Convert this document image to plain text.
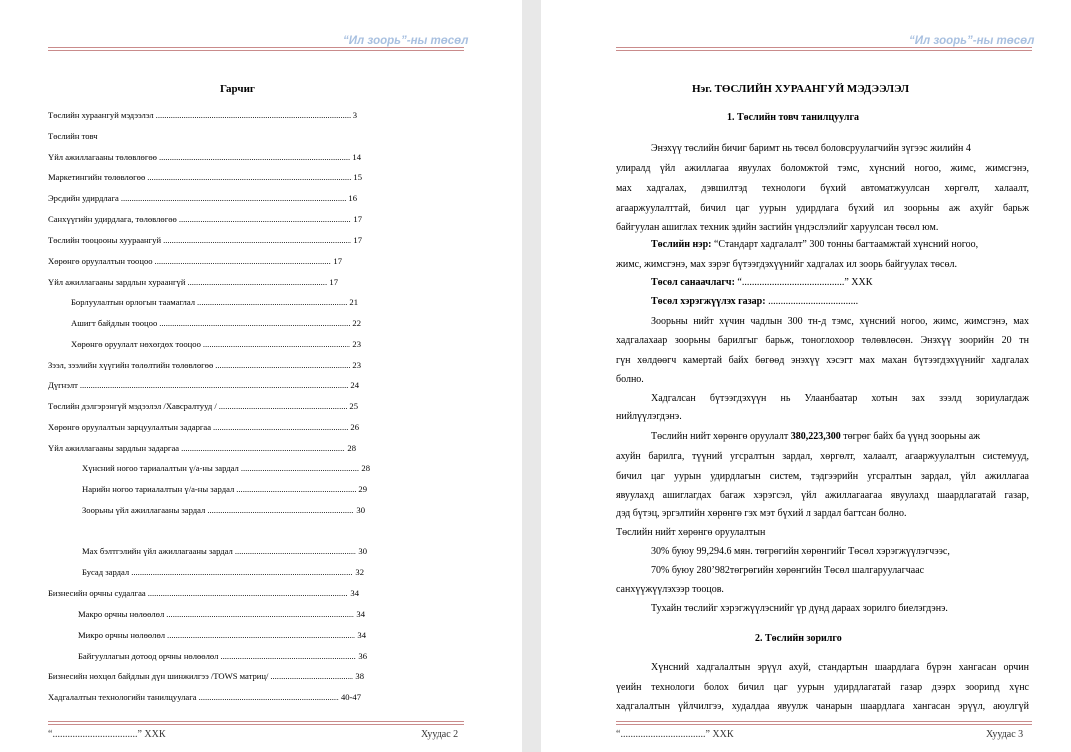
“Ил зоорь”-ны төсөл
Гарчиг
Төслийн хураангуй мэдээлэл .....	3
Төслийн товч
Үйл ажиллагааны төлөвлөгөө .....	14
Маркетингийн төлөвлөгөө .....	15
Эрсдийн удирдлага .....	16
Санхүүгийн удирдлага, төлөвлөгөө .....	17
Төслийн тооцооны хуураангуй .....	17
Хөрөнгө оруулалтын тооцоо .....	17
Үйл ажиллагааны зардлын хураангүй .....	17
Борлуулалтын орлогын таамаглал .....	21
Ашигт байдлын тооцоо .....	22
Хөрөнгө оруулалт нөхөгдөх тооцоо .....	23
Зээл, зээлийн хүүгийн төлөлтийн төлөвлөгөө .....	23
Дүгнэлт .....	24
Төслийн дэлгэрэнгүй мэдээлэл /Хавсралтууд / .....	25
Хөрөнгө оруулалтын зарцуулалтын задаргаа .....	26
Үйл ажиллагааны зардлын задаргаа .....	28
Хүнсний ногоо тариалалтын ү/а-ны зардал .....	28
Нарийн ногоо тариалалтын ү/а-ны зардал .....	29
Зоорьны үйл ажиллагааны зардал .....	30
Мах бэлтгэлийн үйл ажиллагааны зардал .....	30
Бусад зардал .....	32
Бизнесийн орчны судалгаа .....	34
Макро орчны нөлөөлөл .....	34
Микро орчны нөлөөлөл .....	34
Байгууллагын дотоод орчны нөлөөлөл .....	36
Бизнесийн нөхцөл байдлын дүн шинжилгээ /TOWS матриц/ .....	38
Хадгалалтын технологийн танилцуулага .....	40-47
“..................................” ХХК	Хуудас 2
“Ил зоорь”-ны төсөл
Нэг. ТӨСЛИЙН ХУРААНГУЙ МЭДЭЭЛЭЛ
1. Төслийн товч танилцуулга
Энэхүү төслийн бичиг баримт нь төсөл боловсруулагчийн зүгээс жилийн 4
улиралд үйл ажиллагаа явуулах боломжтой тэмс, хүнсний ногоо, жимс, жимсгэнэ,
мах хадгалах, дэвшилтэд технологи бүхий автоматжуулсан хөргөлт, халаалт,
агааржуулалттай, бичил цаг уурын удирдлага бүхий ил зоорьны аж ахуйг барьж
байгуулан ашиглах техник эдийн засгийн үндэслэлийг харуулсан төсөл юм.
Төслийн нэр: “Стандарт хадгалалт” 300 тонны багтаамжтай хүнсний ногоо,
жимс, жимсгэнэ, мах зэрэг бүтээгдэхүүнийг хадгалах ил зоорь байгуулах төсөл.
Төсөл санаачлагч: “.........................................” ХХК
Төсөл хэрэгжүүлэх газар: ....................................
Зоорьны нийт хүчин чадлын 300 тн-д тэмс, хүнсний ногоо, жимс, жимсгэнэ, мах
хадгалахаар зоорьны барилгыг барьж, тоноглохоор төлөвлөсөн. Энэхүү зоорийн 20 тн
гүн хөлдөөгч камертай байх бөгөөд энэхүү хэсэгт мах махан бүтээгдэхүүнийг хадгалах
болно.
Хадгалсан бүтээгдэхүүн нь Улаанбаатар хотын зах зээлд зориулагдаж
нийлүүлэгдэнэ.
Төслийн нийт хөрөнгө оруулалт 380,223,300 төгрөг байх ба үүнд зоорьны аж
ахуйн барилга, түүний угсралтын зардал, хөргөлт, халаалт, агааржуулалтын системууд,
бичил цаг уурын удирдлагын систем, тэдгээрийн угсралтын зардал, үйл ажиллагаа
явуулахд ашиглагдах багаж хэрэгсэл, үйл ажиллагаагаа явуулахд шаардлагатай газар,
дэд бүтэц, эргэлтийн хөрөнгө гэх мэт бүхий л зардал багтсан болно.
Төслийн нийт хөрөнгө оруулалтын
30% буюу 99,294.6 мян. төгрөгийн хөрөнгийг Төсөл хэрэгжүүлэгчээс,
70% буюу 280’982төгрөгийн хөрөнгийн Төсөл шалгаруулагчаас
санхүүжүүлэхээр тооцов.
Тухайн төслийг хэрэгжүүлэснийг үр дүнд дараах зорилго биелэгдэнэ.
2. Төслийн зорилго
Хүнсний хадгалалтын эрүүл ахуй, стандартын шаардлага бүрэн хангасан орчин
үеийн технологи болох бичил цаг уурын удирдлагатай газар дээрх зоориnд хүнс
хадгалалтын үйлчилгээ, худалдаа явуулж чанарын шаардлага хангасан эрүүл, аюулгүй
“..................................” ХХК	Хуудас 3
